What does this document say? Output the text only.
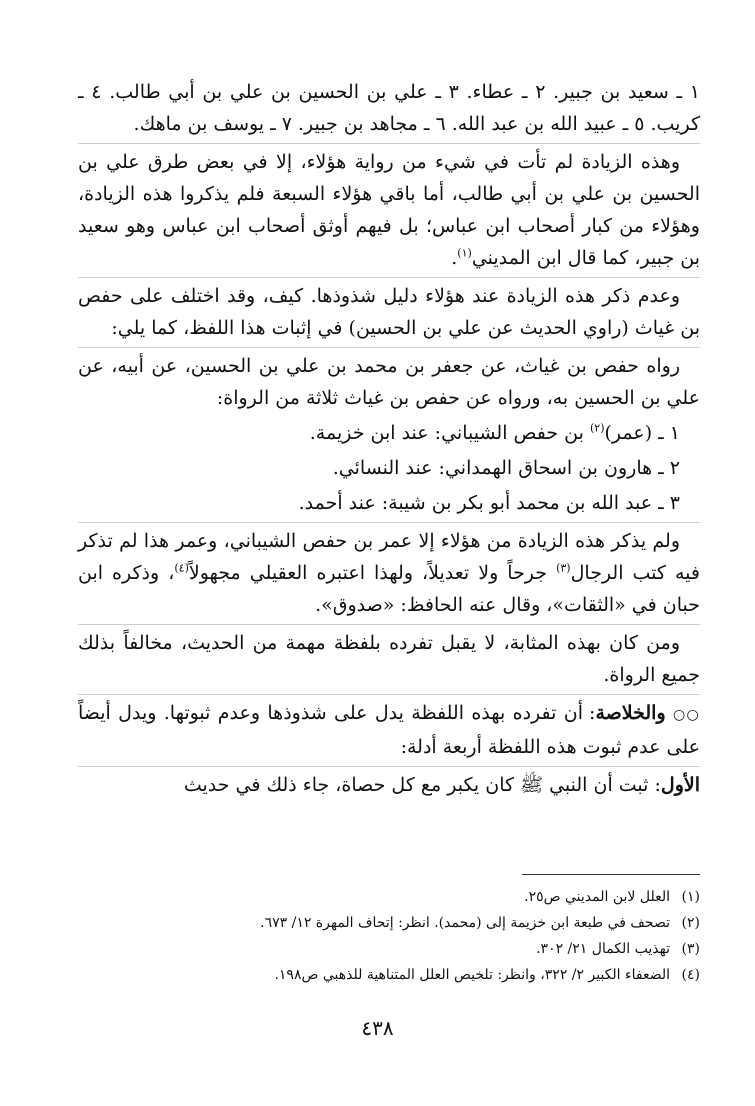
١ ـ سعيد بن جبير. ٢ ـ عطاء. ٣ ـ علي بن الحسين بن علي بن أبي طالب. ٤ ـ كريب. ٥ ـ عبيد الله بن عبد الله. ٦ ـ مجاهد بن جبير. ٧ ـ يوسف بن ماهك.

وهذه الزيادة لم تأت في شيء من رواية هؤلاء، إلا في بعض طرق علي بن الحسين بن علي بن أبي طالب، أما باقي هؤلاء السبعة فلم يذكروا هذه الزيادة، وهؤلاء من كبار أصحاب ابن عباس؛ بل فيهم أوثق أصحاب ابن عباس وهو سعيد بن جبير، كما قال ابن المديني$^{(١)}$.

وعدم ذكر هذه الزيادة عند هؤلاء دليل شذوذها. كيف، وقد اختلف على حفص بن غياث (راوي الحديث عن علي بن الحسين) في إثبات هذا اللفظ، كما يلي:

رواه حفص بن غياث، عن جعفر بن محمد بن علي بن الحسين، عن أبيه، عن علي بن الحسين به، ورواه عن حفص بن غياث ثلاثة من الرواة:

١ ـ (عمر)$^{(٢)}$ بن حفص الشيباني: عند ابن خزيمة.

٢ ـ هارون بن اسحاق الهمداني: عند النسائي.

٣ ـ عبد الله بن محمد أبو بكر بن شيبة: عند أحمد.

ولم يذكر هذه الزيادة من هؤلاء إلا عمر بن حفص الشيباني، وعمر هذا لم تذكر فيه كتب الرجال$^{(٣)}$ جرحاً ولا تعديلاً، ولهذا اعتبره العقيلي مجهولاً$^{(٤)}$، وذكره ابن حبان في «الثقات»، وقال عنه الحافظ: «صدوق».

ومن كان بهذه المثابة، لا يقبل تفرده بلفظة مهمة من الحديث، مخالفاً بذلك جميع الرواة.

○○ والخلاصة: أن تفرده بهذه اللفظة يدل على شذوذها وعدم ثبوتها. ويدل أيضاً على عدم ثبوت هذه اللفظة أربعة أدلة:

الأول: ثبت أن النبي ﷺ كان يكبر مع كل حصاة، جاء ذلك في حديث

(١)العلل لابن المديني ص٢٥.

(٢)تصحف في طبعة ابن خزيمة إلى (محمد). انظر: إتحاف المهرة ١٢/ ٦٧٣.

(٣)تهذيب الكمال ٢١/ ٣٠٢.

(٤)الضعفاء الكبير ٢/ ٣٢٢، وانظر: تلخيص العلل المتناهية للذهبي ص١٩٨.

٤٣٨
